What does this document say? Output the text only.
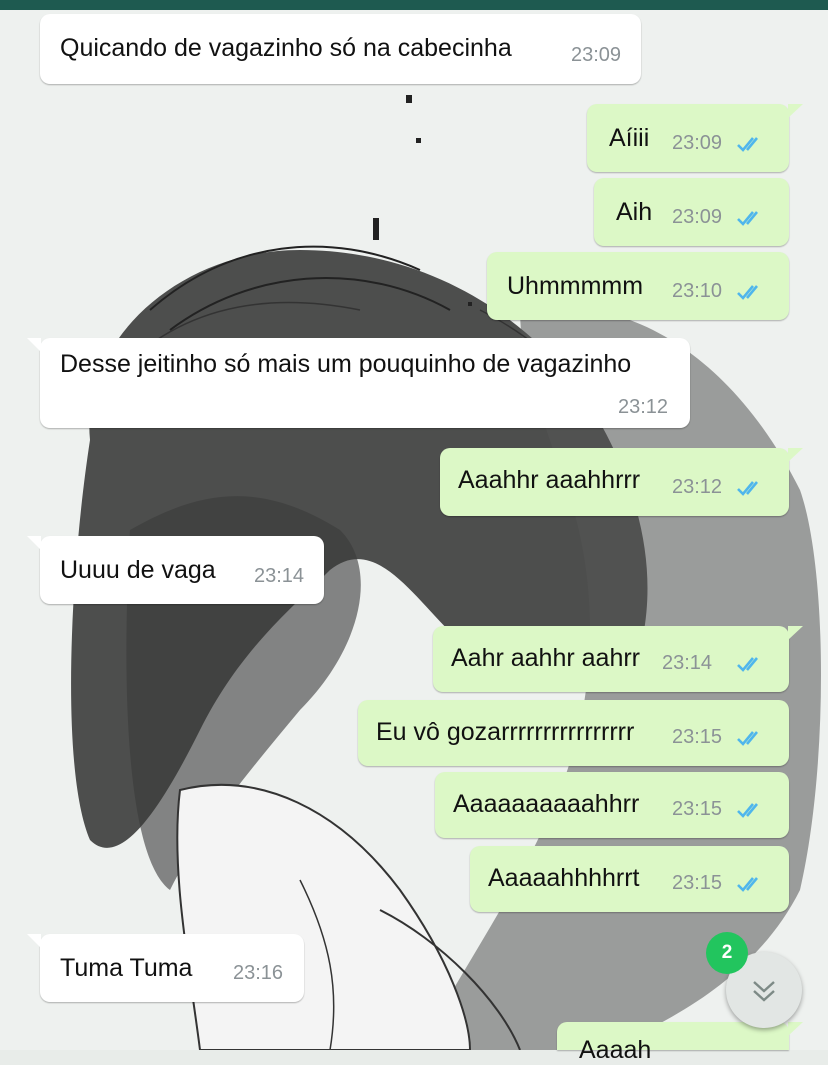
Quicando de vagazinho só na cabecinha	23:09
Aíiii 23:09
Aih 23:09
Uhmmmmm 23:10
Desse jeitinho só mais um pouquinho de vagazinho
23:12
Aaahhr aaahhrrr 23:12
Uuuu de vaga 23:14
Aahr aahhr aahrr 23:14
Eu vô gozarrrrrrrrrrrrrrrr 23:15
Aaaaaaaaaahhrr 23:15
Aaaaahhhhrrt 23:15
Tuma Tuma 23:16
Aaaah
2
